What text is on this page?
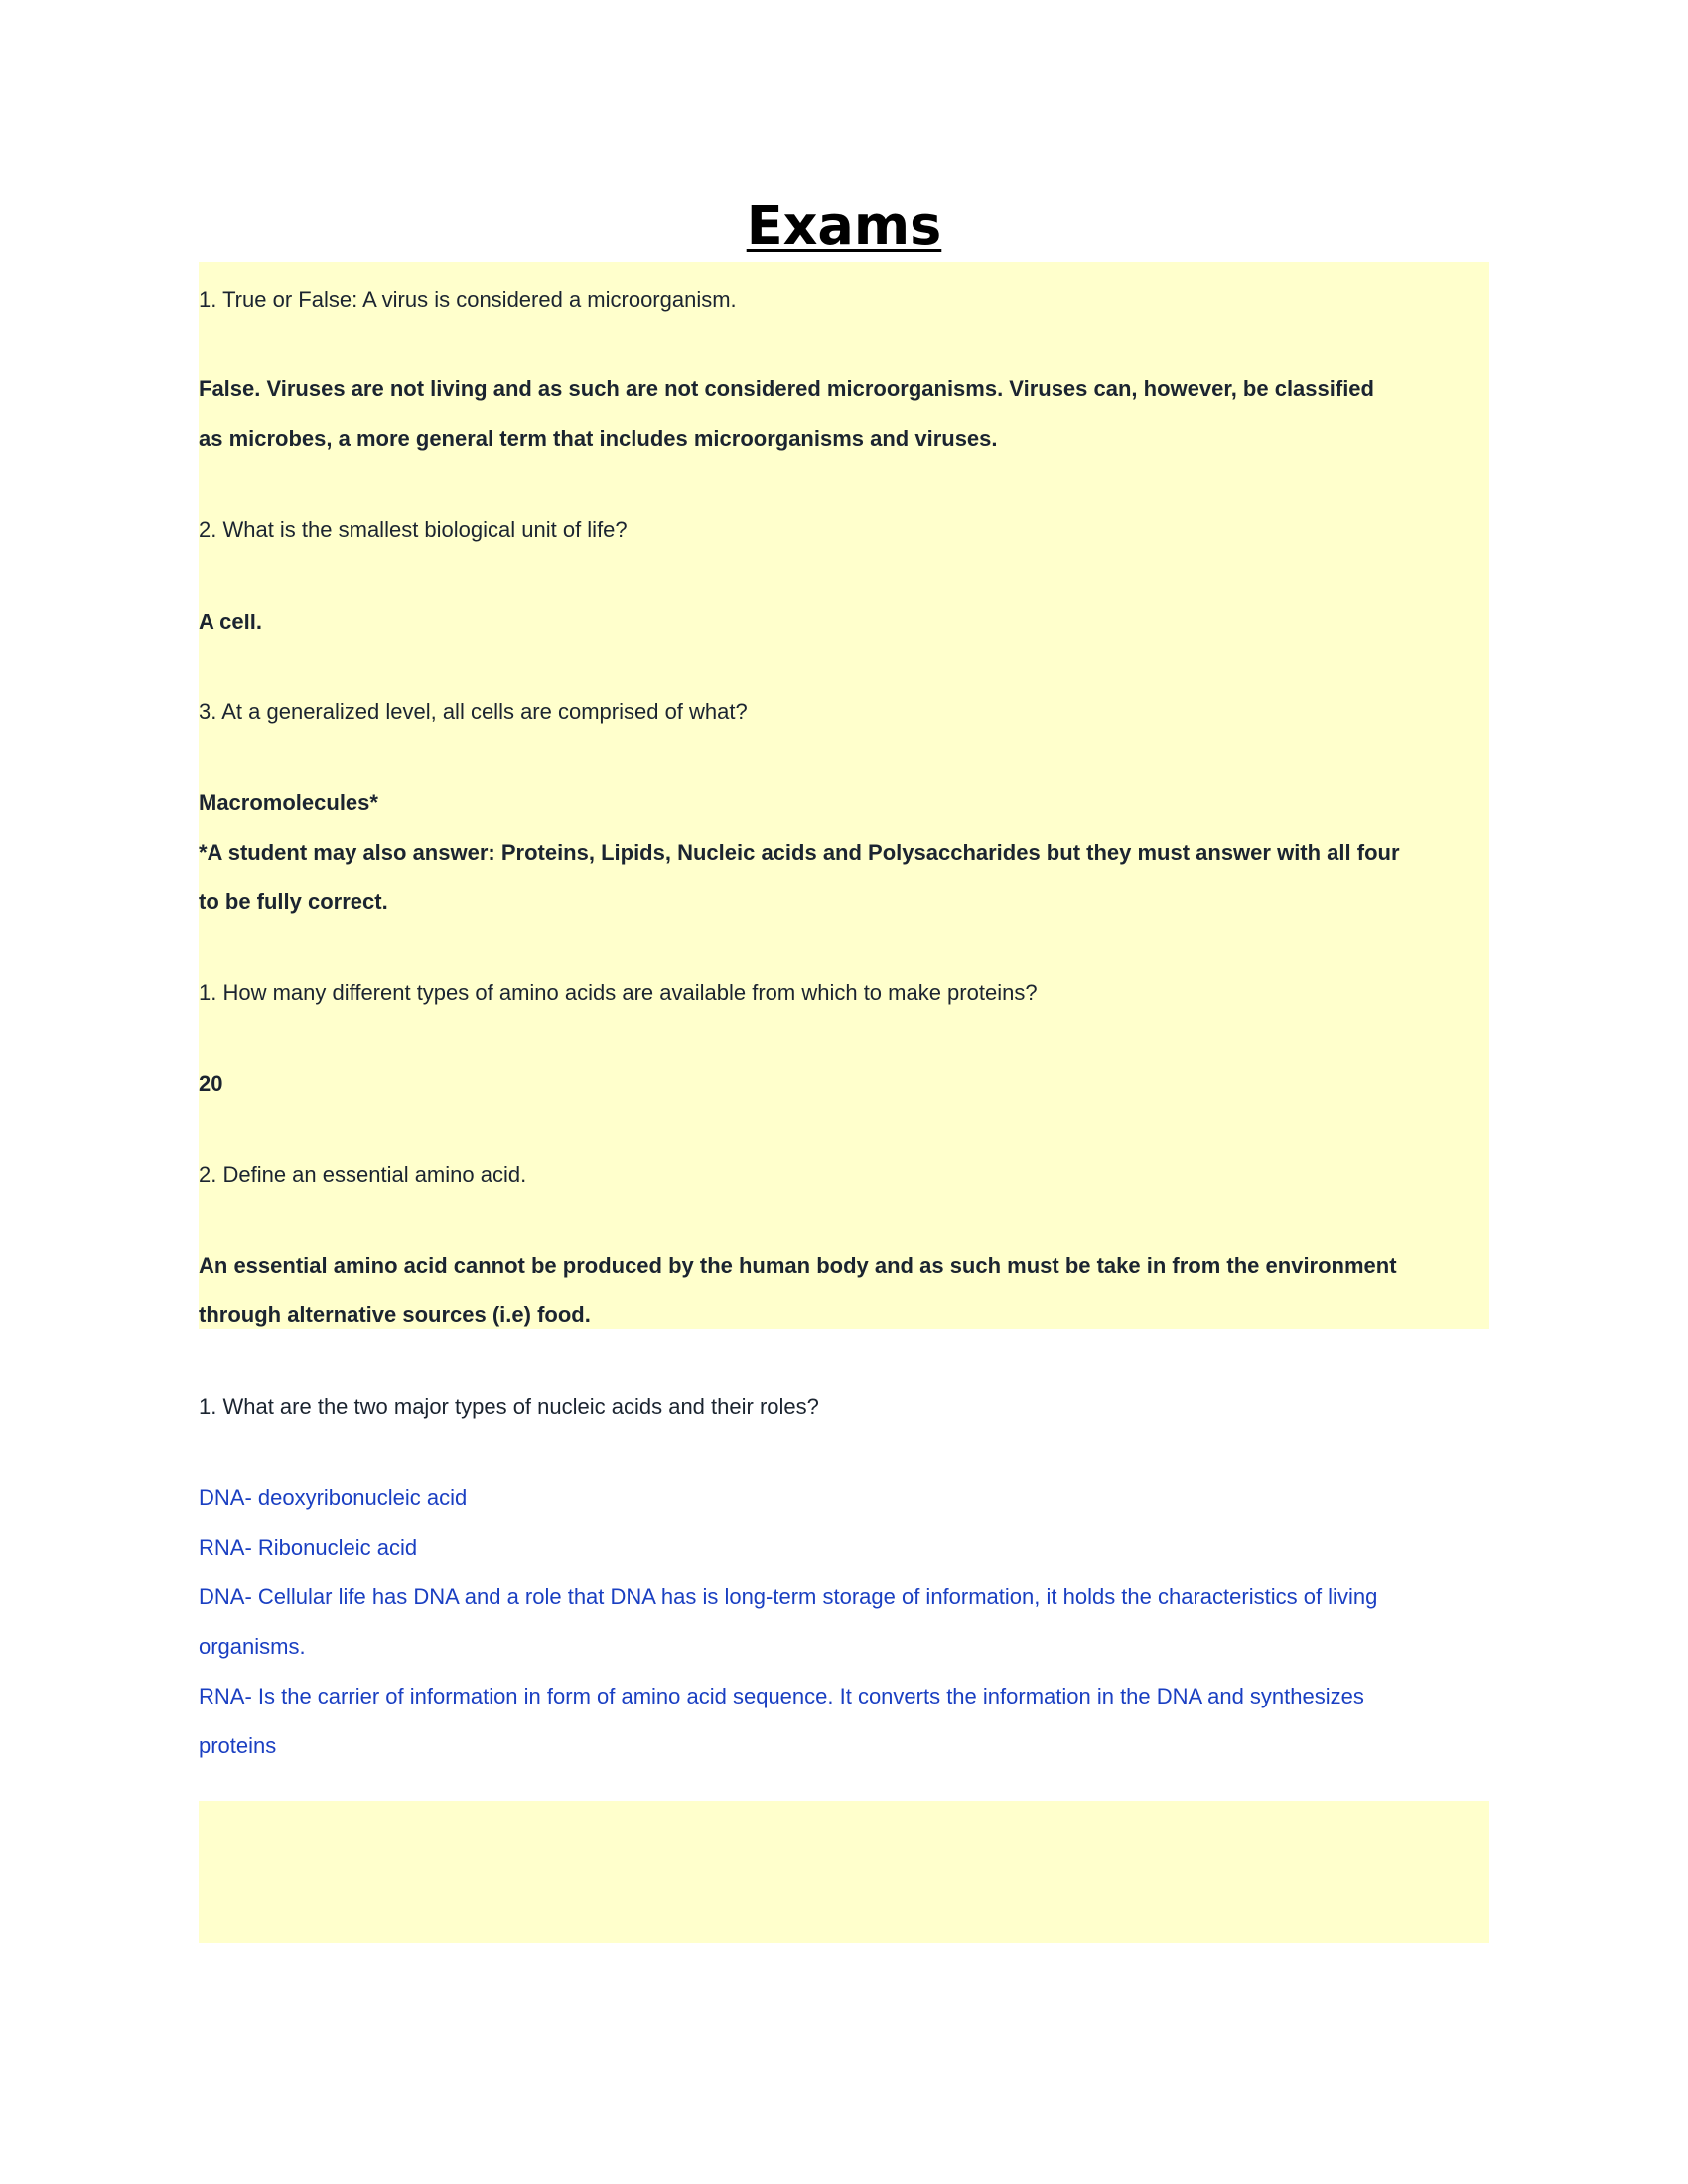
Exams

1. True or False: A virus is considered a microorganism.

False. Viruses are not living and as such are not considered microorganisms. Viruses can, however, be classified

as microbes, a more general term that includes microorganisms and viruses.

2. What is the smallest biological unit of life?

A cell.

3. At a generalized level, all cells are comprised of what?

Macromolecules*

*A student may also answer: Proteins, Lipids, Nucleic acids and Polysaccharides but they must answer with all four

to be fully correct.

1. How many different types of amino acids are available from which to make proteins?

20

2. Define an essential amino acid.

An essential amino acid cannot be produced by the human body and as such must be take in from the environment

through alternative sources (i.e) food.

1. What are the two major types of nucleic acids and their roles?

DNA- deoxyribonucleic acid

RNA- Ribonucleic acid

DNA- Cellular life has DNA and a role that DNA has is long-term storage of information, it holds the characteristics of living

organisms.

RNA- Is the carrier of information in form of amino acid sequence. It converts the information in the DNA and synthesizes

proteins
